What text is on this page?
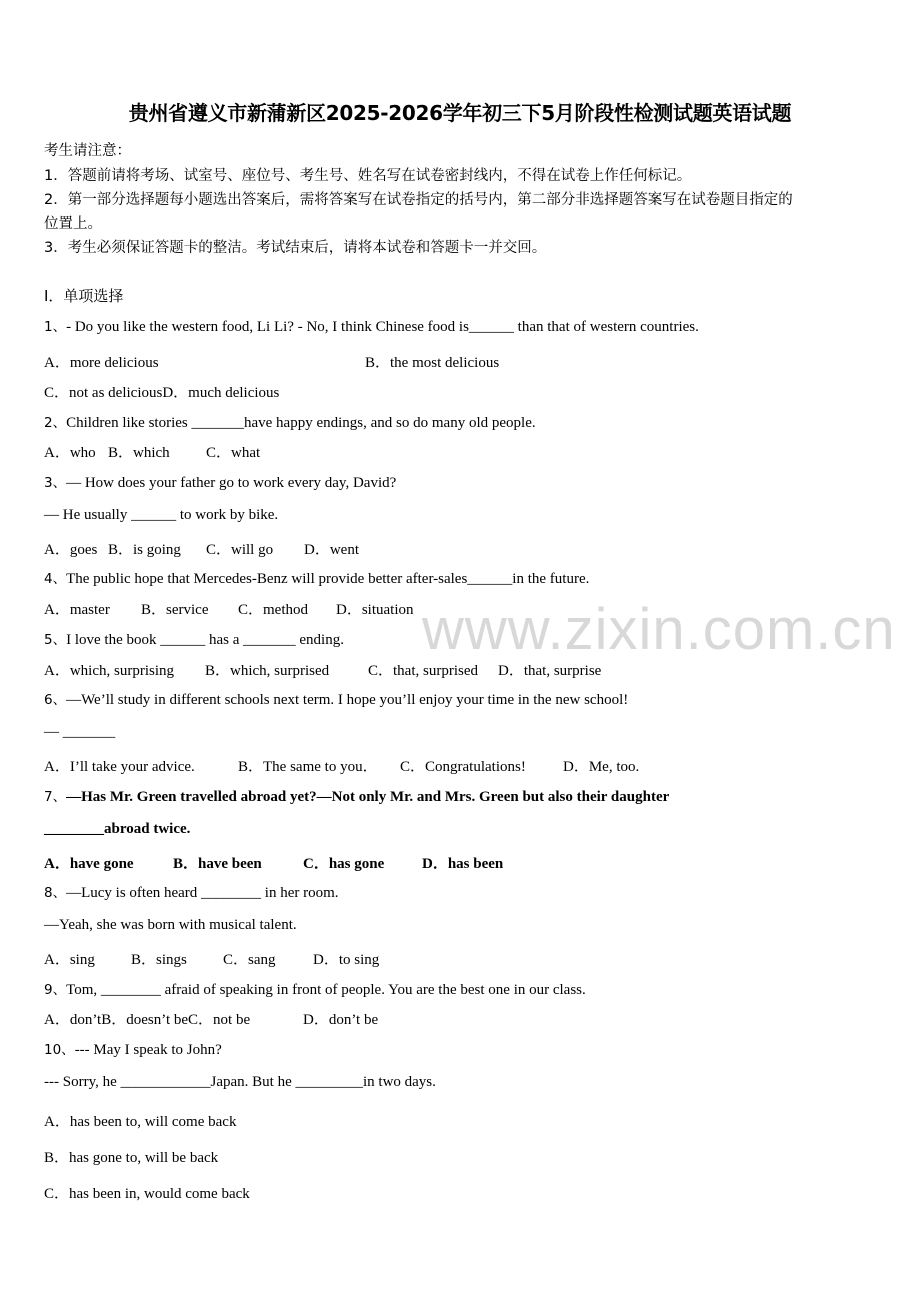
贵州省遵义市新蒲新区2025-2026学年初三下5月阶段性检测试题英语试题
考生请注意：
1．答题前请将考场、试室号、座位号、考生号、姓名写在试卷密封线内，不得在试卷上作任何标记。
2．第一部分选择题每小题选出答案后，需将答案写在试卷指定的括号内，第二部分非选择题答案写在试卷题目指定的
位置上。
3．考生必须保证答题卡的整洁。考试结束后，请将本试卷和答题卡一并交回。
Ⅰ．单项选择
1、- Do you like the western food, Li Li? - No, I think Chinese food is______ than that of western countries.
A．more delicious	B．the most delicious
C．not as deliciousD．much delicious
2、Children like stories _______have happy endings, and so do many old people.
A．who B．which C．what
3、— How does your father go to work every day, David?
— He usually ______ to work by bike.
A．goes B．is going C．will go D．went
4、The public hope that Mercedes-Benz will provide better after-sales______in the future.
A．master B．service C．method D．situation www.zixin.com.cn
5、I love the book ______ has a _______ ending.
A．which, surprising B．which, surprised	C．that, surprised D．that, surprise
6、—We’ll study in different schools next term. I hope you’ll enjoy your time in the new school!
— _______
A．I’ll take your advice.	B．The same to you． C．Congratulations! D．Me, too.
7、—Has Mr. Green travelled abroad yet?—Not only Mr. and Mrs. Green but also their daughter
________abroad twice.
A．have gone	B．have been	C．has gone	D．has been
8、—Lucy is often heard ________ in her room.
—Yeah, she was born with musical talent.
A．sing B．sings C．sang D．to sing
9、Tom, ________ afraid of speaking in front of people. You are the best one in our class.
A．don’tB．doesn’t beC．not be	D．don’t be
10、--- May I speak to John?
--- Sorry, he ____________Japan. But he _________in two days.
A．has been to, will come back
B．has gone to, will be back
C．has been in, would come back
